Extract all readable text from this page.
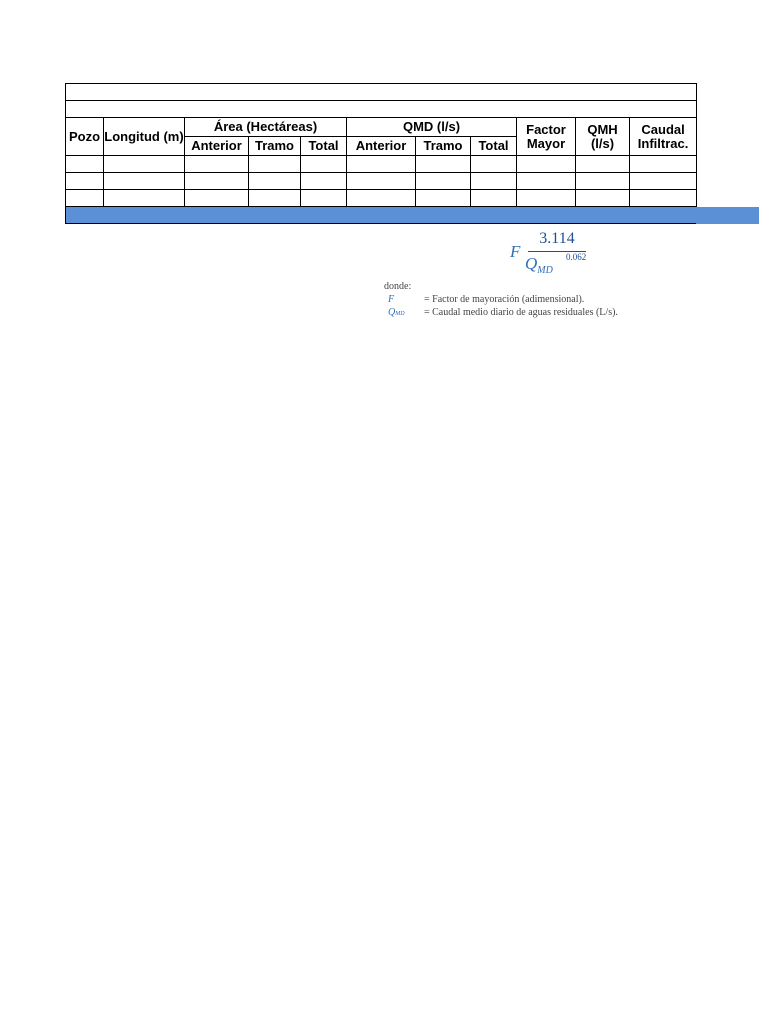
Pozo	Longitud (m)	Área (Hectáreas)			QMD (l/s)			Factor Mayor	QMH (l/s)	Caudal Infiltrac.
		Anterior	Tramo	Total	Anterior	Tramo	Total			

F
3.114
$Q_{MD}$
0.062
donde:
F	= Factor de mayoración (adimensional).
QMD = Caudal medio diario de aguas residuales (L/s).
